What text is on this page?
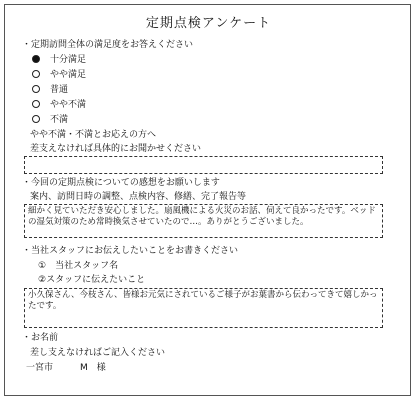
定期点検アンケート
・定期訪問全体の満足度をお答えください
十分満足
やや満足
普通
やや不満
不満
やや不満・不満とお応えの方へ
差支えなければ具体的にお聞かせください
・今回の定期点検についての感想をお願いします
案内、訪問日時の調整、点検内容、修繕、完了報告等
細かく見ていただき安心しました。扇風機による火災のお話、伺えて良かったです。ベッドの湿気対策のため常時換気させていたので…。ありがとうございました。
・当社スタッフにお伝えしたいことをお書きください
①　当社スタッフ名
②スタッフに伝えたいこと
小久保さん、今枝さん、皆様お元気にされているご様子がお葉書から伝わってきて嬉しかったです。
・お名前
差し支えなければご記入ください
一宮市　　　M　様
